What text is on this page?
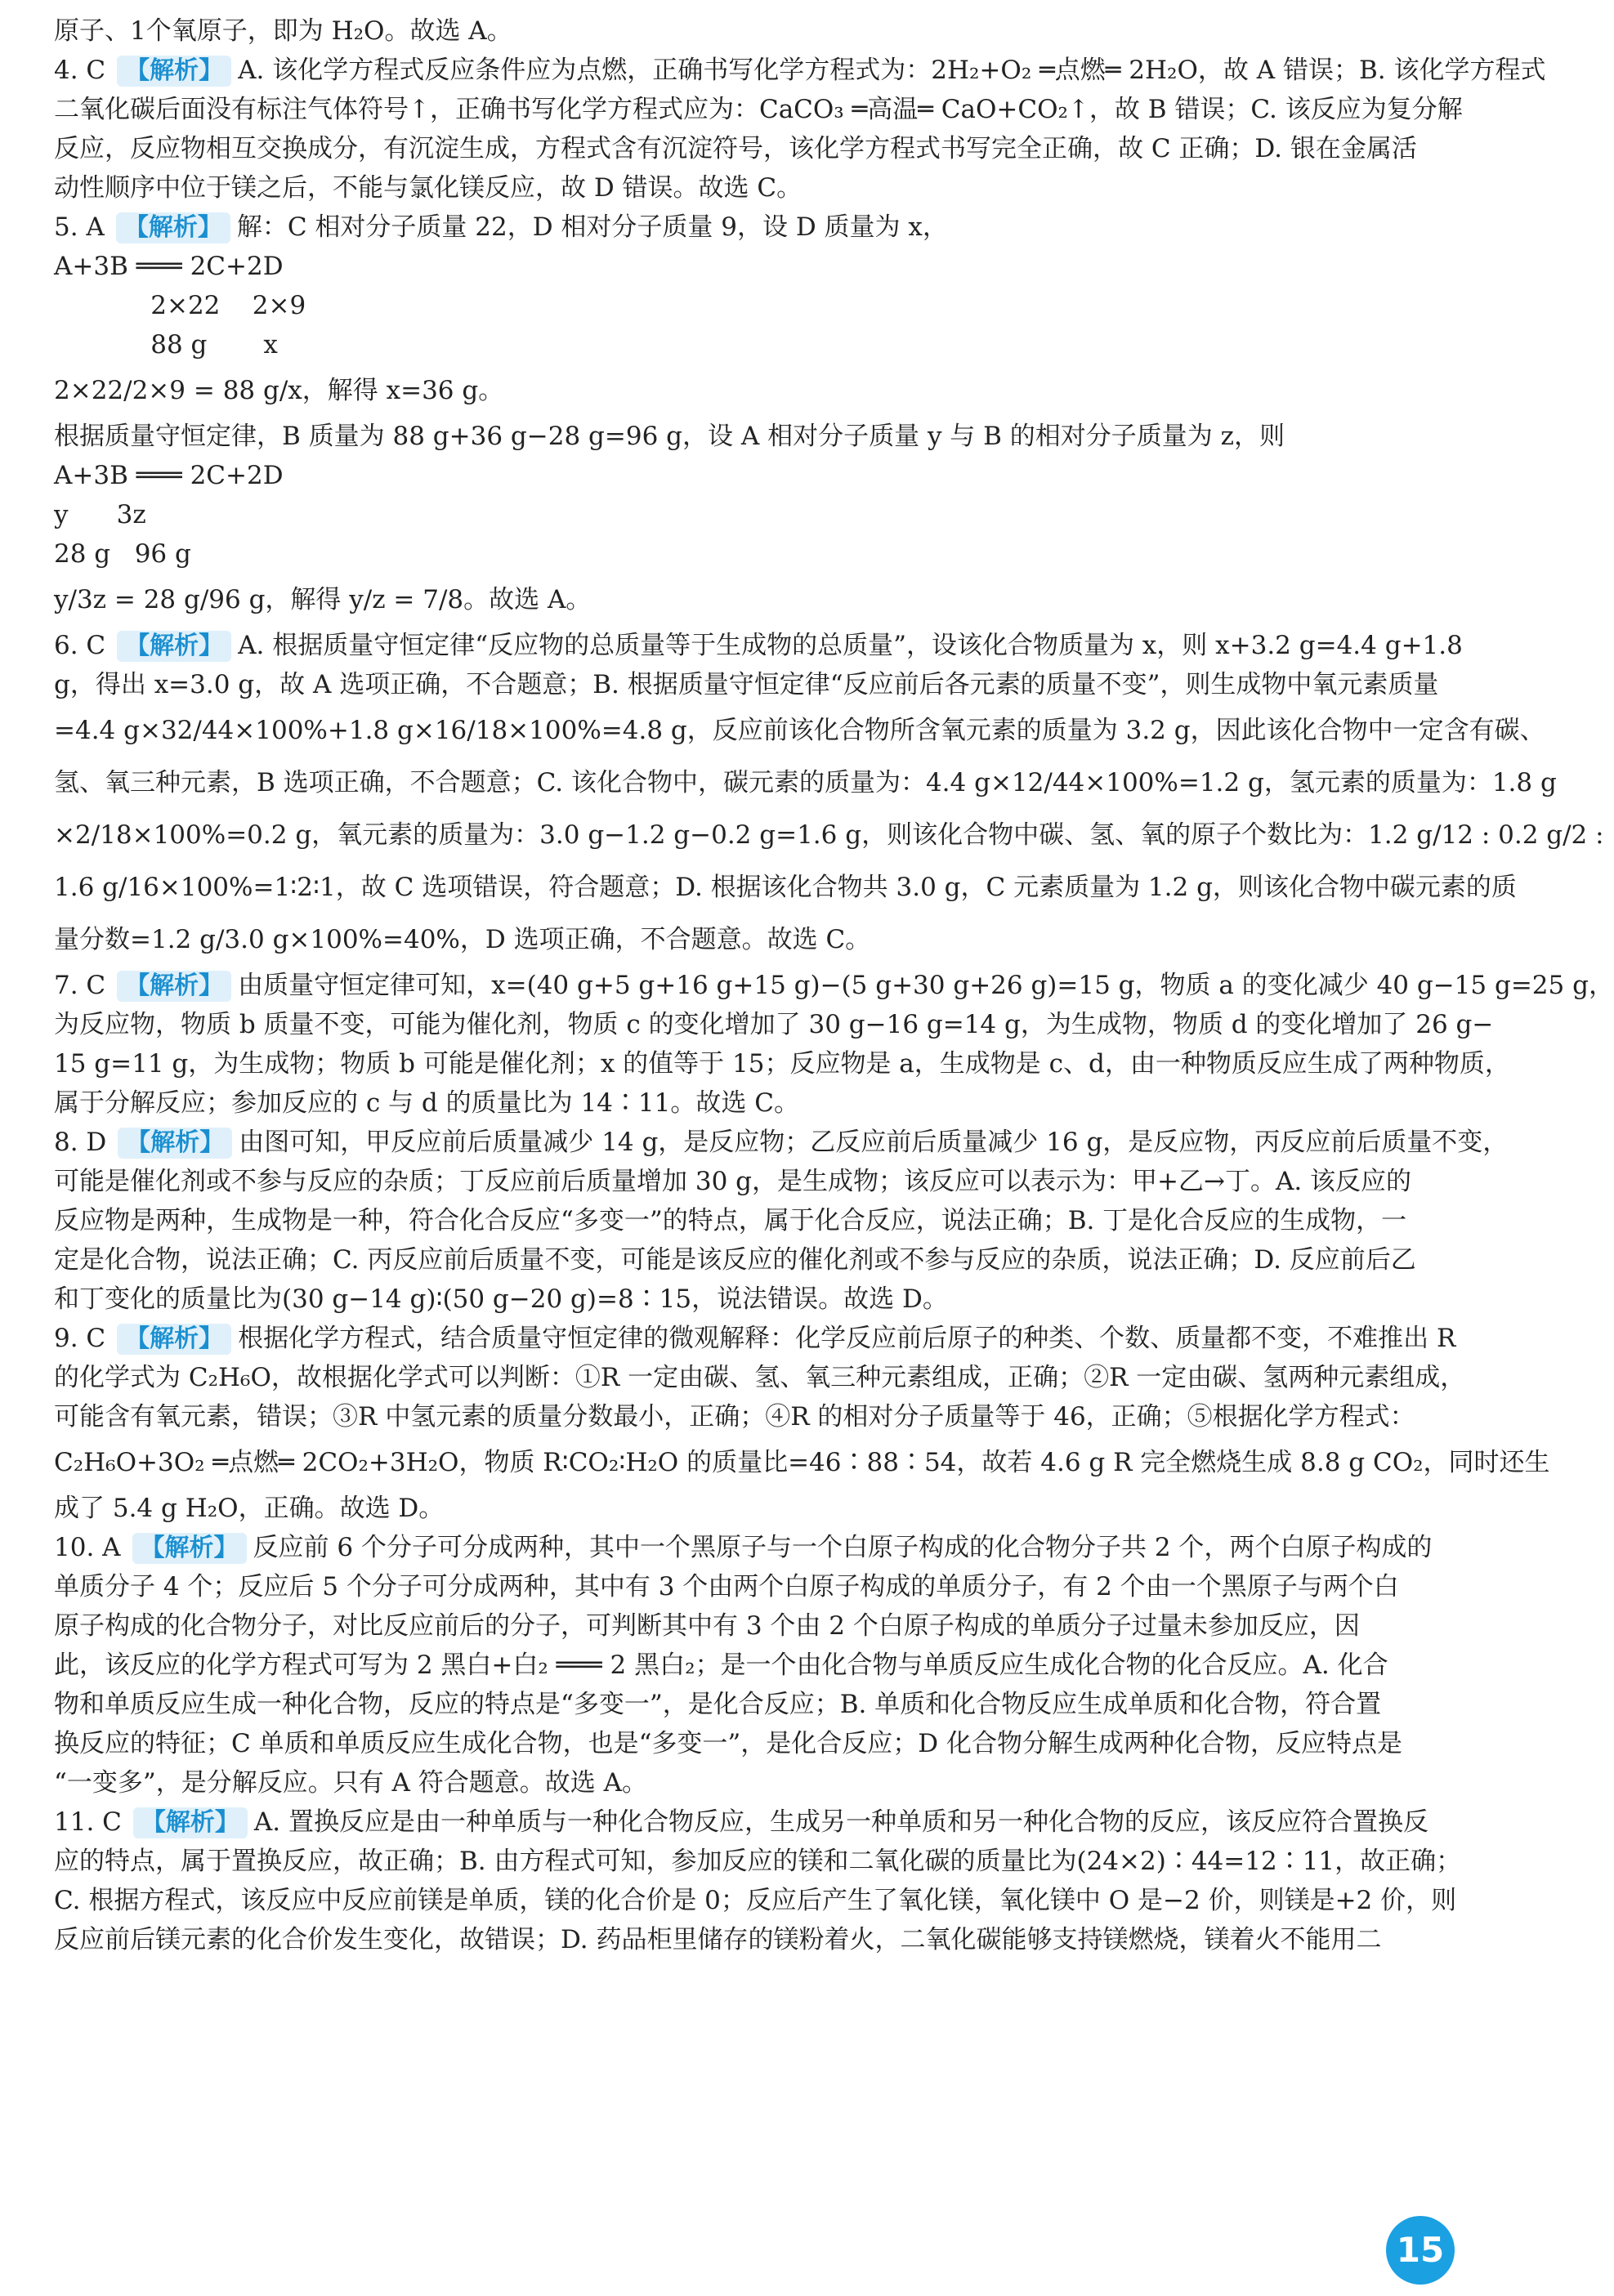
原子、1个氧原子，即为 H₂O。故选 A。
4. C 【解析】 A. 该化学方程式反应条件应为点燃，正确书写化学方程式为：2H₂+O₂ ═点燃═ 2H₂O，故 A 错误；B. 该化学方程式
二氧化碳后面没有标注气体符号↑，正确书写化学方程式应为：CaCO₃ ═高温═ CaO+CO₂↑，故 B 错误；C. 该反应为复分解
反应，反应物相互交换成分，有沉淀生成，方程式含有沉淀符号，该化学方程式书写完全正确，故 C 正确；D. 银在金属活
动性顺序中位于镁之后，不能与氯化镁反应，故 D 错误。故选 C。
5. A 【解析】 解：C 相对分子质量 22，D 相对分子质量 9，设 D 质量为 x，
A+3B ═══ 2C+2D
2×22    2×9
88 g       x
2×22/2×9 = 88 g/x，解得 x=36 g。
根据质量守恒定律，B 质量为 88 g+36 g−28 g=96 g，设 A 相对分子质量 y 与 B 的相对分子质量为 z，则
A+3B ═══ 2C+2D
y      3z
28 g   96 g
y/3z = 28 g/96 g，解得 y/z = 7/8。故选 A。
6. C 【解析】 A. 根据质量守恒定律“反应物的总质量等于生成物的总质量”，设该化合物质量为 x，则 x+3.2 g=4.4 g+1.8
g，得出 x=3.0 g，故 A 选项正确，不合题意；B. 根据质量守恒定律“反应前后各元素的质量不变”，则生成物中氧元素质量
=4.4 g×32/44×100%+1.8 g×16/18×100%=4.8 g，反应前该化合物所含氧元素的质量为 3.2 g，因此该化合物中一定含有碳、
氢、氧三种元素，B 选项正确，不合题意；C. 该化合物中，碳元素的质量为：4.4 g×12/44×100%=1.2 g，氢元素的质量为：1.8 g
×2/18×100%=0.2 g，氧元素的质量为：3.0 g−1.2 g−0.2 g=1.6 g，则该化合物中碳、氢、氧的原子个数比为：1.2 g/12 : 0.2 g/2 :
1.6 g/16×100%=1∶2∶1，故 C 选项错误，符合题意；D. 根据该化合物共 3.0 g，C 元素质量为 1.2 g，则该化合物中碳元素的质
量分数=1.2 g/3.0 g×100%=40%，D 选项正确，不合题意。故选 C。
7. C 【解析】 由质量守恒定律可知，x=(40 g+5 g+16 g+15 g)−(5 g+30 g+26 g)=15 g，物质 a 的变化减少 40 g−15 g=25 g，
为反应物，物质 b 质量不变，可能为催化剂，物质 c 的变化增加了 30 g−16 g=14 g，为生成物，物质 d 的变化增加了 26 g−
15 g=11 g，为生成物；物质 b 可能是催化剂；x 的值等于 15；反应物是 a，生成物是 c、d，由一种物质反应生成了两种物质，
属于分解反应；参加反应的 c 与 d 的质量比为 14∶11。故选 C。
8. D 【解析】 由图可知，甲反应前后质量减少 14 g，是反应物；乙反应前后质量减少 16 g，是反应物，丙反应前后质量不变，
可能是催化剂或不参与反应的杂质；丁反应前后质量增加 30 g，是生成物；该反应可以表示为：甲+乙→丁。A. 该反应的
反应物是两种，生成物是一种，符合化合反应“多变一”的特点，属于化合反应，说法正确；B. 丁是化合反应的生成物，一
定是化合物，说法正确；C. 丙反应前后质量不变，可能是该反应的催化剂或不参与反应的杂质，说法正确；D. 反应前后乙
和丁变化的质量比为(30 g−14 g)∶(50 g−20 g)=8∶15，说法错误。故选 D。
9. C 【解析】 根据化学方程式，结合质量守恒定律的微观解释：化学反应前后原子的种类、个数、质量都不变，不难推出 R
的化学式为 C₂H₆O，故根据化学式可以判断：①R 一定由碳、氢、氧三种元素组成，正确；②R 一定由碳、氢两种元素组成，
可能含有氧元素，错误；③R 中氢元素的质量分数最小，正确；④R 的相对分子质量等于 46，正确；⑤根据化学方程式：
C₂H₆O+3O₂ ═点燃═ 2CO₂+3H₂O，物质 R∶CO₂∶H₂O 的质量比=46∶88∶54，故若 4.6 g R 完全燃烧生成 8.8 g CO₂，同时还生
成了 5.4 g H₂O，正确。故选 D。
10. A 【解析】 反应前 6 个分子可分成两种，其中一个黑原子与一个白原子构成的化合物分子共 2 个，两个白原子构成的
单质分子 4 个；反应后 5 个分子可分成两种，其中有 3 个由两个白原子构成的单质分子，有 2 个由一个黑原子与两个白
原子构成的化合物分子，对比反应前后的分子，可判断其中有 3 个由 2 个白原子构成的单质分子过量未参加反应，因
此，该反应的化学方程式可写为 2 黑白+白₂ ═══ 2 黑白₂；是一个由化合物与单质反应生成化合物的化合反应。A. 化合
物和单质反应生成一种化合物，反应的特点是“多变一”，是化合反应；B. 单质和化合物反应生成单质和化合物，符合置
换反应的特征；C 单质和单质反应生成化合物，也是“多变一”，是化合反应；D 化合物分解生成两种化合物，反应特点是
“一变多”，是分解反应。只有 A 符合题意。故选 A。
11. C 【解析】 A. 置换反应是由一种单质与一种化合物反应，生成另一种单质和另一种化合物的反应，该反应符合置换反
应的特点，属于置换反应，故正确；B. 由方程式可知，参加反应的镁和二氧化碳的质量比为(24×2)∶44=12∶11，故正确；
C. 根据方程式，该反应中反应前镁是单质，镁的化合价是 0；反应后产生了氧化镁，氧化镁中 O 是−2 价，则镁是+2 价，则
反应前后镁元素的化合价发生变化，故错误；D. 药品柜里储存的镁粉着火，二氧化碳能够支持镁燃烧，镁着火不能用二
15
